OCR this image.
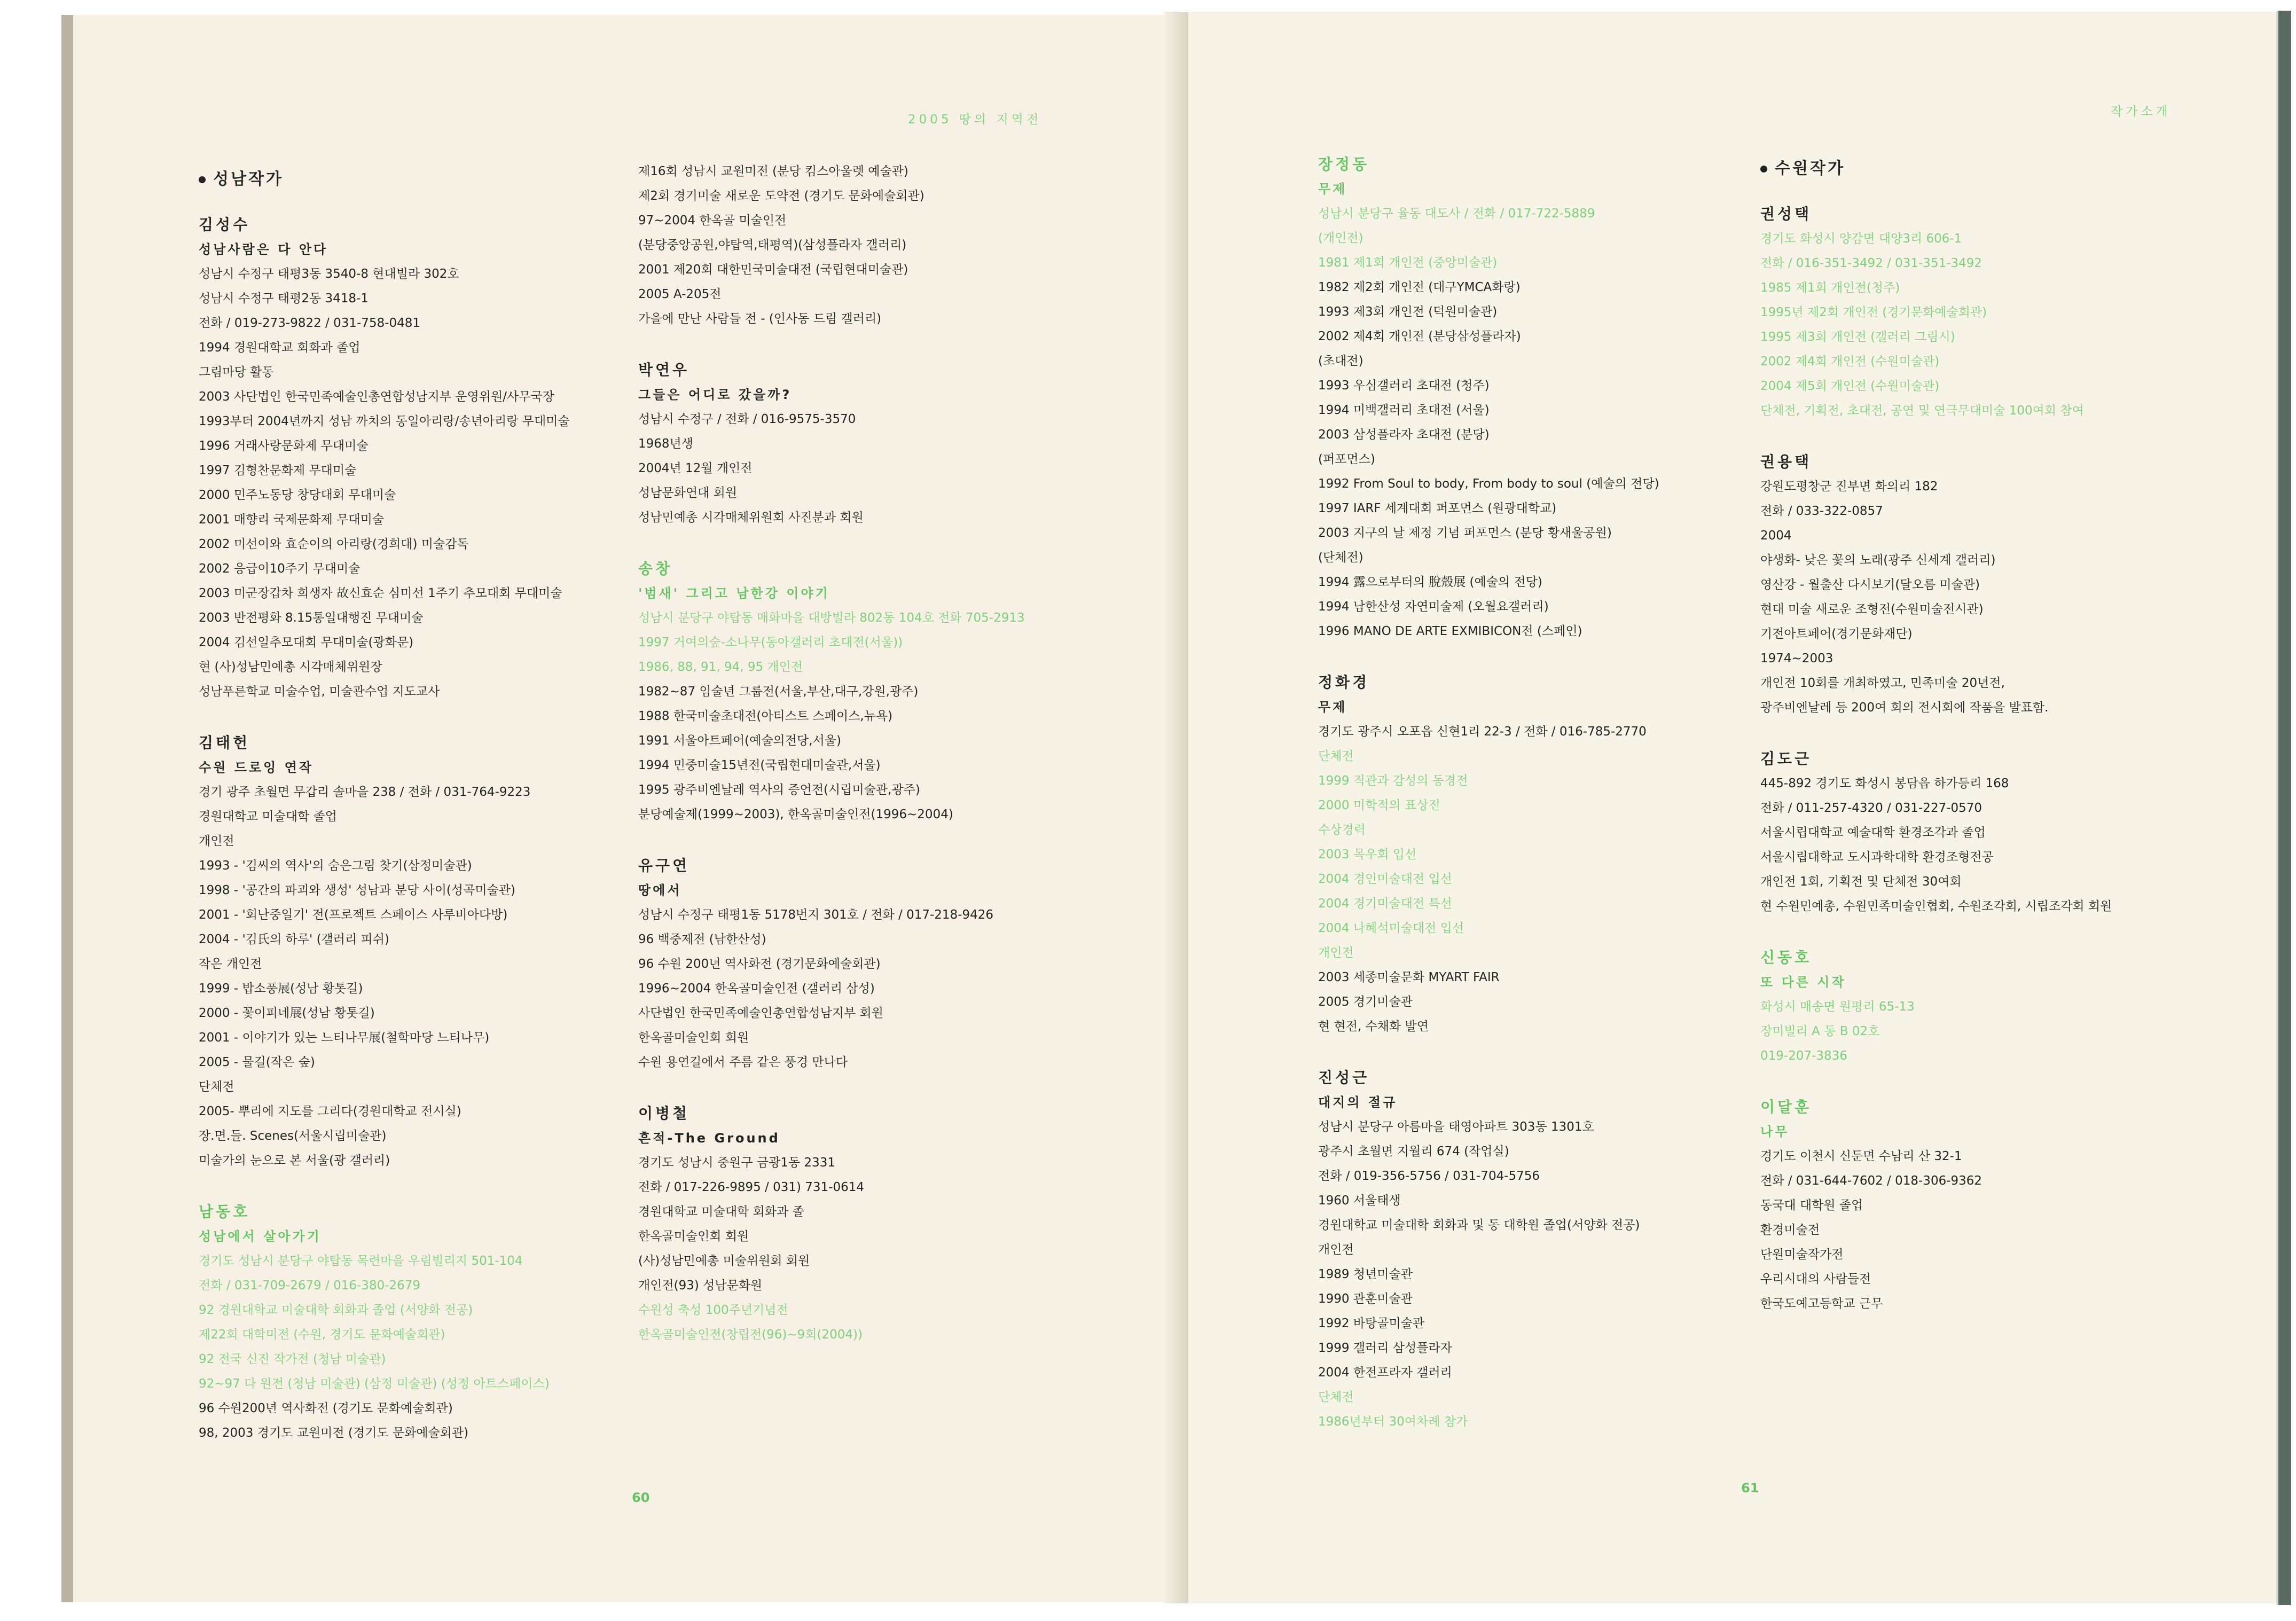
2005 땅의 지역전
작가소개

성남작가

김성수

성남사람은 다 안다

성남시 수정구 태평3동 3540-8 현대빌라 302호

성남시 수정구 태평2동 3418-1

전화 / 019-273-9822 / 031-758-0481

1994 경원대학교 회화과 졸업

그림마당 활동

2003 사단법인 한국민족예술인총연합성남지부 운영위원/사무국장

1993부터 2004년까지 성남 까치의 동일아리랑/송년아리랑 무대미술

1996 거래사랑문화제 무대미술

1997 김형찬문화제 무대미술

2000 민주노동당 창당대회 무대미술

2001 매향리 국제문화제 무대미술

2002 미선이와 효순이의 아리랑(경희대) 미술감독

2002 응급이10주기 무대미술

2003 미군장갑차 희생자 故신효순 심미선 1주기 추모대회 무대미술

2003 반전평화 8.15통일대행진 무대미술

2004 김선일추모대회 무대미술(광화문)

현 (사)성남민예총 시각매체위원장

성남푸른학교 미술수업, 미술관수업 지도교사

김태헌

수원 드로잉 연작

경기 광주 초월면 무갑리 솔마을 238 / 전화 / 031-764-9223

경원대학교 미술대학 졸업

개인전

1993 - '김씨의 역사'의 숨은그림 찾기(삼정미술관)

1998 - '공간의 파괴와 생성' 성남과 분당 사이(성곡미술관)

2001 - '회난중일기' 전(프로젝트 스페이스 사루비아다방)

2004 - '김氏의 하루' (갤러리 피쉬)

작은 개인전

1999 - 밥소풍展(성남 황톳길)

2000 - 꽃이피네展(성남 황톳길)

2001 - 이야기가 있는 느티나무展(철학마당 느티나무)

2005 - 물길(작은 숲)

단체전

2005- 뿌리에 지도를 그리다(경원대학교 전시실)

장.면.들. Scenes(서울시립미술관)

미술가의 눈으로 본 서울(광 갤러리)

남동호

성남에서 살아가기

경기도 성남시 분당구 야탑동 목련마을 우림빌리지 501-104

전화 / 031-709-2679 / 016-380-2679

92 경원대학교 미술대학 회화과 졸업 (서양화 전공)

제22회 대학미전 (수원, 경기도 문화예술회관)

92 전국 신진 작가전 (청남 미술관)

92~97 다 원전 (청남 미술관) (삼정 미술관) (성정 아트스페이스)

96 수원200년 역사화전 (경기도 문화예술회관)

98, 2003 경기도 교원미전 (경기도 문화예술회관)

제16회 성남시 교원미전 (분당 킴스아울렛 예술관)

제2회 경기미술 새로운 도약전 (경기도 문화예술회관)

97~2004 한옥골 미술인전

(분당중앙공원,야탑역,태평역)(삼성플라자 갤러리)

2001 제20회 대한민국미술대전 (국립현대미술관)

2005 A-205전

가을에 만난 사람들 전 - (인사동 드림 갤러리)

박연우

그들은 어디로 갔을까?

성남시 수정구 / 전화 / 016-9575-3570

1968년생

2004년 12월 개인전

성남문화연대 회원

성남민예총 시각매체위원회 사진분과 회원

송창

'범새' 그리고 남한강 이야기

성남시 분당구 야탑동 매화마을 대방빌라 802동 104호 전화 705-2913

1997 거여의숲-소나무(동아갤러리 초대전(서울))

1986, 88, 91, 94, 95 개인전

1982~87 임술년 그룹전(서울,부산,대구,강원,광주)

1988 한국미술초대전(아티스트 스페이스,뉴욕)

1991 서울아트페어(예술의전당,서울)

1994 민중미술15년전(국립현대미술관,서울)

1995 광주비엔날레 역사의 증언전(시립미술관,광주)

분당예술제(1999~2003), 한옥골미술인전(1996~2004)

유구연

땅에서

성남시 수정구 태평1동 5178번지 301호 / 전화 / 017-218-9426

96 백중제전 (남한산성)

96 수원 200년 역사화전 (경기문화예술회관)

1996~2004 한옥골미술인전 (갤러리 삼성)

사단법인 한국민족예술인총연합성남지부 회원

한옥골미술인회 회원

수원 용연길에서 주름 같은 풍경 만나다

이병철

흔적-The Ground

경기도 성남시 중원구 금광1동 2331

전화 / 017-226-9895 / 031) 731-0614

경원대학교 미술대학 회화과 졸

한옥골미술인회 회원

(사)성남민예총 미술위원회 회원

개인전(93) 성남문화원

수원성 축성 100주년기념전

한옥골미술인전(창립전(96)~9회(2004))

장정동

무제

성남시 분당구 율동 대도사 / 전화 / 017-722-5889

(개인전)

1981 제1회 개인전 (중앙미술관)

1982 제2회 개인전 (대구YMCA화랑)

1993 제3회 개인전 (덕원미술관)

2002 제4회 개인전 (분당삼성플라자)

(초대전)

1993 우심갤러리 초대전 (청주)

1994 미백갤러리 초대전 (서울)

2003 삼성플라자 초대전 (분당)

(퍼포먼스)

1992 From Soul to body, From body to soul (예술의 전당)

1997 IARF 세계대회 퍼포먼스 (원광대학교)

2003 지구의 날 제정 기념 퍼포먼스 (분당 황새울공원)

(단체전)

1994 露으로부터의 脫殼展 (예술의 전당)

1994 남한산성 자연미술제 (오월요갤러리)

1996 MANO DE ARTE EXMIBICON전 (스페인)

정화경

무제

경기도 광주시 오포읍 신현1리 22-3 / 전화 / 016-785-2770

단체전

1999 직관과 감성의 동경전

2000 미학적의 표상전

수상경력

2003 목우회 입선

2004 경인미술대전 입선

2004 경기미술대전 특선

2004 나혜석미술대전 입선

개인전

2003 세종미술문화 MYART FAIR

2005 경기미술관

현 현전, 수채화 발연

진성근

대지의 절규

성남시 분당구 아름마을 태영아파트 303동 1301호

광주시 초월면 지월리 674 (작업실)

전화 / 019-356-5756 / 031-704-5756

1960 서울태생

경원대학교 미술대학 회화과 및 동 대학원 졸업(서양화 전공)

개인전

1989 청년미술관

1990 관훈미술관

1992 바탕골미술관

1999 갤러리 삼성플라자

2004 한전프라자 갤러리

단체전

1986년부터 30여차례 참가

수원작가

권성택

경기도 화성시 양감면 대양3리 606-1

전화 / 016-351-3492 / 031-351-3492

1985 제1회 개인전(청주)

1995년 제2회 개인전 (경기문화예술회관)

1995 제3회 개인전 (갤러리 그림시)

2002 제4회 개인전 (수원미술관)

2004 제5회 개인전 (수원미술관)

단체전, 기획전, 초대전, 공연 및 연극무대미술 100여회 참여

권용택

강원도평창군 진부면 화의리 182

전화 / 033-322-0857

2004

야생화- 낮은 꽃의 노래(광주 신세계 갤러리)

영산강 - 월출산 다시보기(달오름 미술관)

현대 미술 새로운 조형전(수원미술전시관)

기전아트페어(경기문화재단)

1974~2003

개인전 10회를 개최하였고, 민족미술 20년전,

광주비엔날레 등 200여 회의 전시회에 작품을 발표함.

김도근

445-892 경기도 화성시 봉담읍 하가등리 168

전화 / 011-257-4320 / 031-227-0570

서울시립대학교 예술대학 환경조각과 졸업

서울시립대학교 도시과학대학 환경조형전공

개인전 1회, 기획전 및 단체전 30여회

현 수원민예총, 수원민족미술인협회, 수원조각회, 시립조각회 회원

신동호

또 다른 시작

화성시 매송면 원평리 65-13

장미빌리 A 동 B 02호

019-207-3836

이달훈

나무

경기도 이천시 신둔면 수남리 산 32-1

전화 / 031-644-7602 / 018-306-9362

동국대 대학원 졸업

환경미술전

단원미술작가전

우리시대의 사람들전

한국도예고등학교 근무

60
61
